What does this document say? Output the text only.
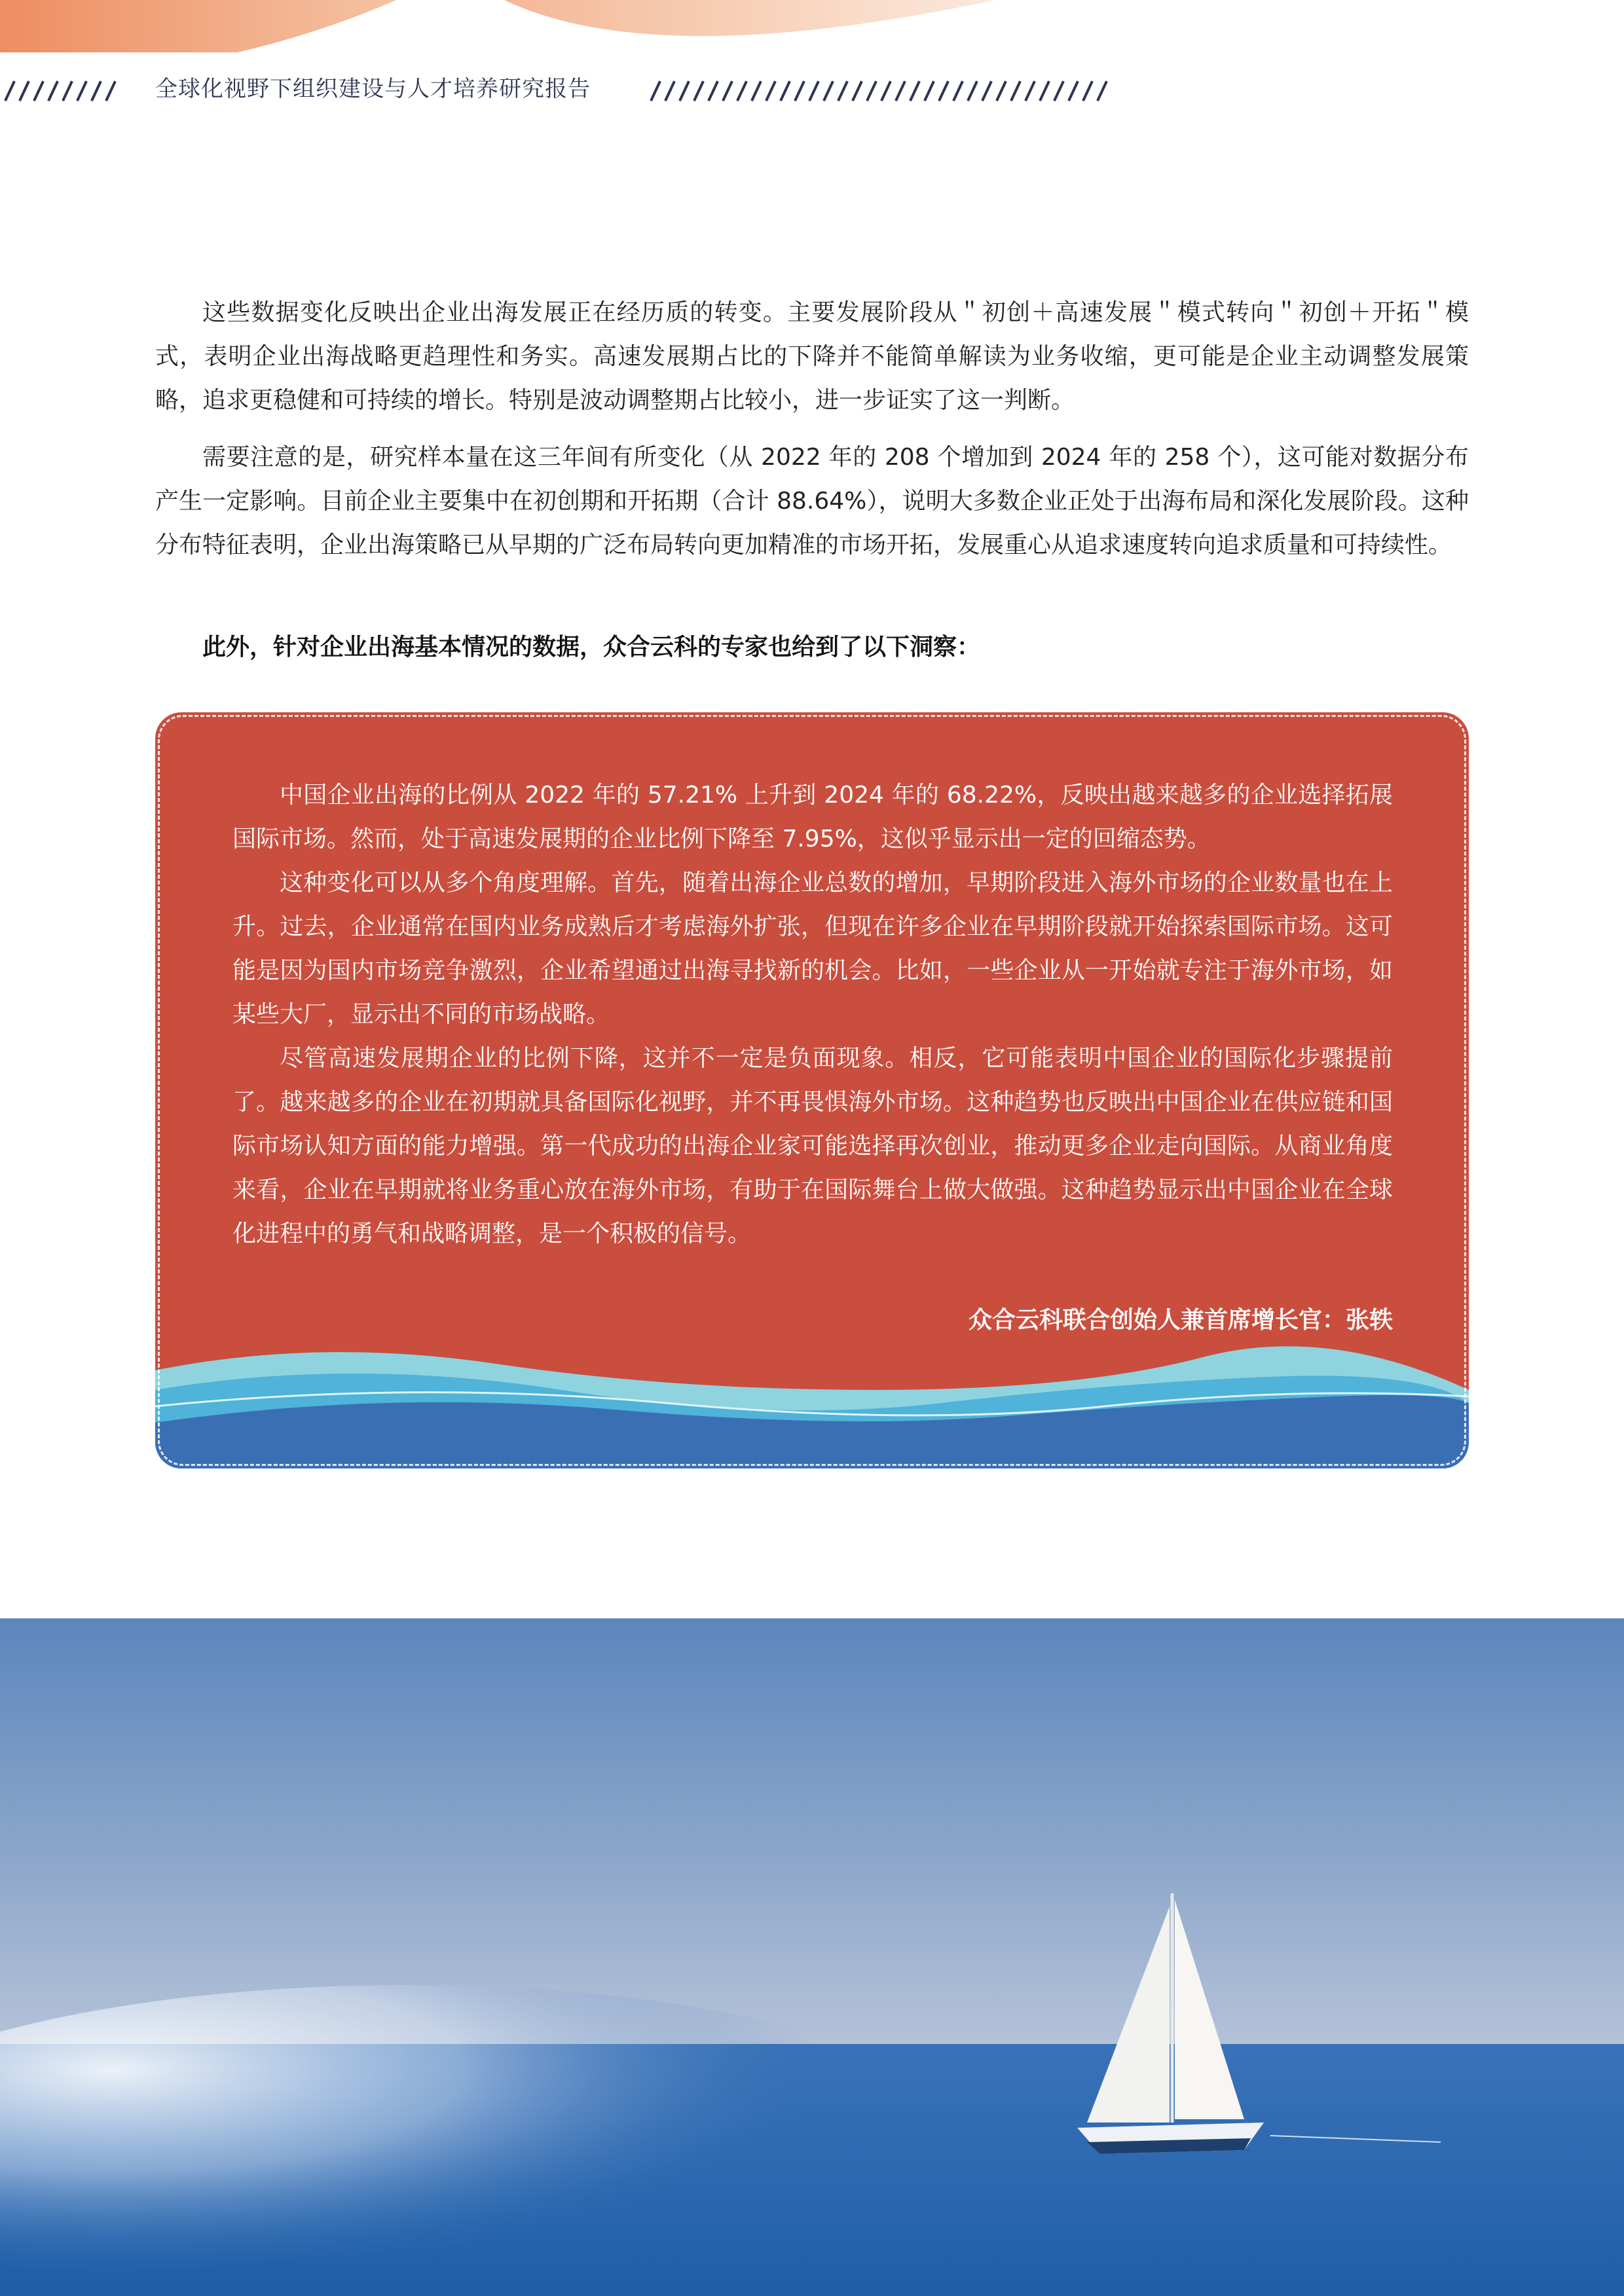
全球化视野下组织建设与人才培养研究报告

这些数据变化反映出企业出海发展正在经历质的转变。主要发展阶段从＂初创＋高速发展＂模式转向＂初创＋开拓＂模式，表明企业出海战略更趋理性和务实。高速发展期占比的下降并不能简单解读为业务收缩，更可能是企业主动调整发展策略，追求更稳健和可持续的增长。特别是波动调整期占比较小，进一步证实了这一判断。

需要注意的是，研究样本量在这三年间有所变化（从 2022 年的 208 个增加到 2024 年的 258 个），这可能对数据分布产生一定影响。目前企业主要集中在初创期和开拓期（合计 88.64%），说明大多数企业正处于出海布局和深化发展阶段。这种分布特征表明，企业出海策略已从早期的广泛布局转向更加精准的市场开拓，发展重心从追求速度转向追求质量和可持续性。

此外，针对企业出海基本情况的数据，众合云科的专家也给到了以下洞察：

中国企业出海的比例从 2022 年的 57.21% 上升到 2024 年的 68.22%，反映出越来越多的企业选择拓展国际市场。然而，处于高速发展期的企业比例下降至 7.95%，这似乎显示出一定的回缩态势。

这种变化可以从多个角度理解。首先，随着出海企业总数的增加，早期阶段进入海外市场的企业数量也在上升。过去，企业通常在国内业务成熟后才考虑海外扩张，但现在许多企业在早期阶段就开始探索国际市场。这可能是因为国内市场竞争激烈，企业希望通过出海寻找新的机会。比如，一些企业从一开始就专注于海外市场，如某些大厂，显示出不同的市场战略。

尽管高速发展期企业的比例下降，这并不一定是负面现象。相反，它可能表明中国企业的国际化步骤提前了。越来越多的企业在初期就具备国际化视野，并不再畏惧海外市场。这种趋势也反映出中国企业在供应链和国际市场认知方面的能力增强。第一代成功的出海企业家可能选择再次创业，推动更多企业走向国际。从商业角度来看，企业在早期就将业务重心放在海外市场，有助于在国际舞台上做大做强。这种趋势显示出中国企业在全球化进程中的勇气和战略调整，是一个积极的信号。

众合云科联合创始人兼首席增长官：张轶
